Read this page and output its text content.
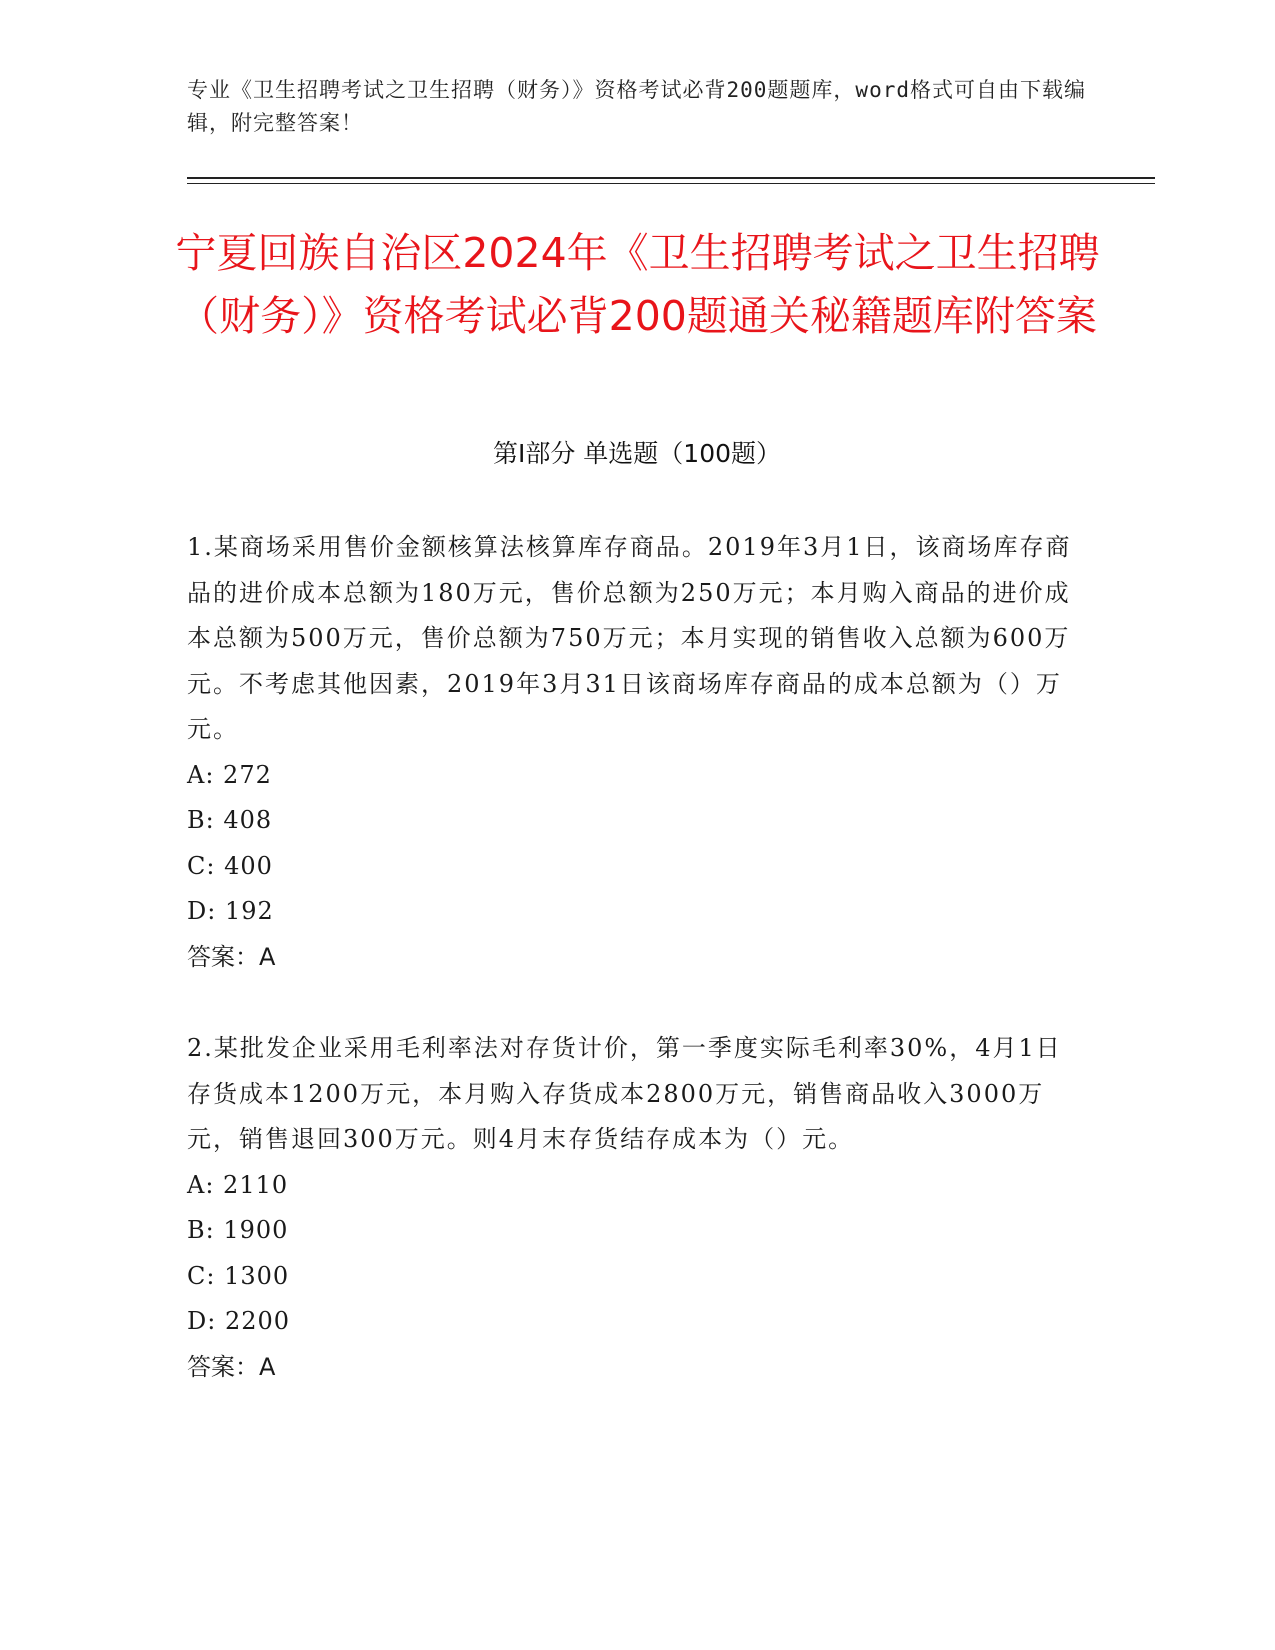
专业《卫生招聘考试之卫生招聘（财务）》资格考试必背200题题库，word格式可自由下载编辑，附完整答案！
宁夏回族自治区2024年《卫生招聘考试之卫生招聘（财务）》资格考试必背200题通关秘籍题库附答案
第I部分 单选题（100题）

1.某商场采用售价金额核算法核算库存商品。2019年3月1日，该商场库存商品的进价成本总额为180万元，售价总额为250万元；本月购入商品的进价成本总额为500万元，售价总额为750万元；本月实现的销售收入总额为600万元。不考虑其他因素，2019年3月31日该商场库存商品的成本总额为（）万元。

A: 272

B: 408

C: 400

D: 192

答案：A

2.某批发企业采用毛利率法对存货计价，第一季度实际毛利率30%，4月1日存货成本1200万元，本月购入存货成本2800万元，销售商品收入3000万元，销售退回300万元。则4月末存货结存成本为（）元。

A: 2110

B: 1900

C: 1300

D: 2200

答案：A
